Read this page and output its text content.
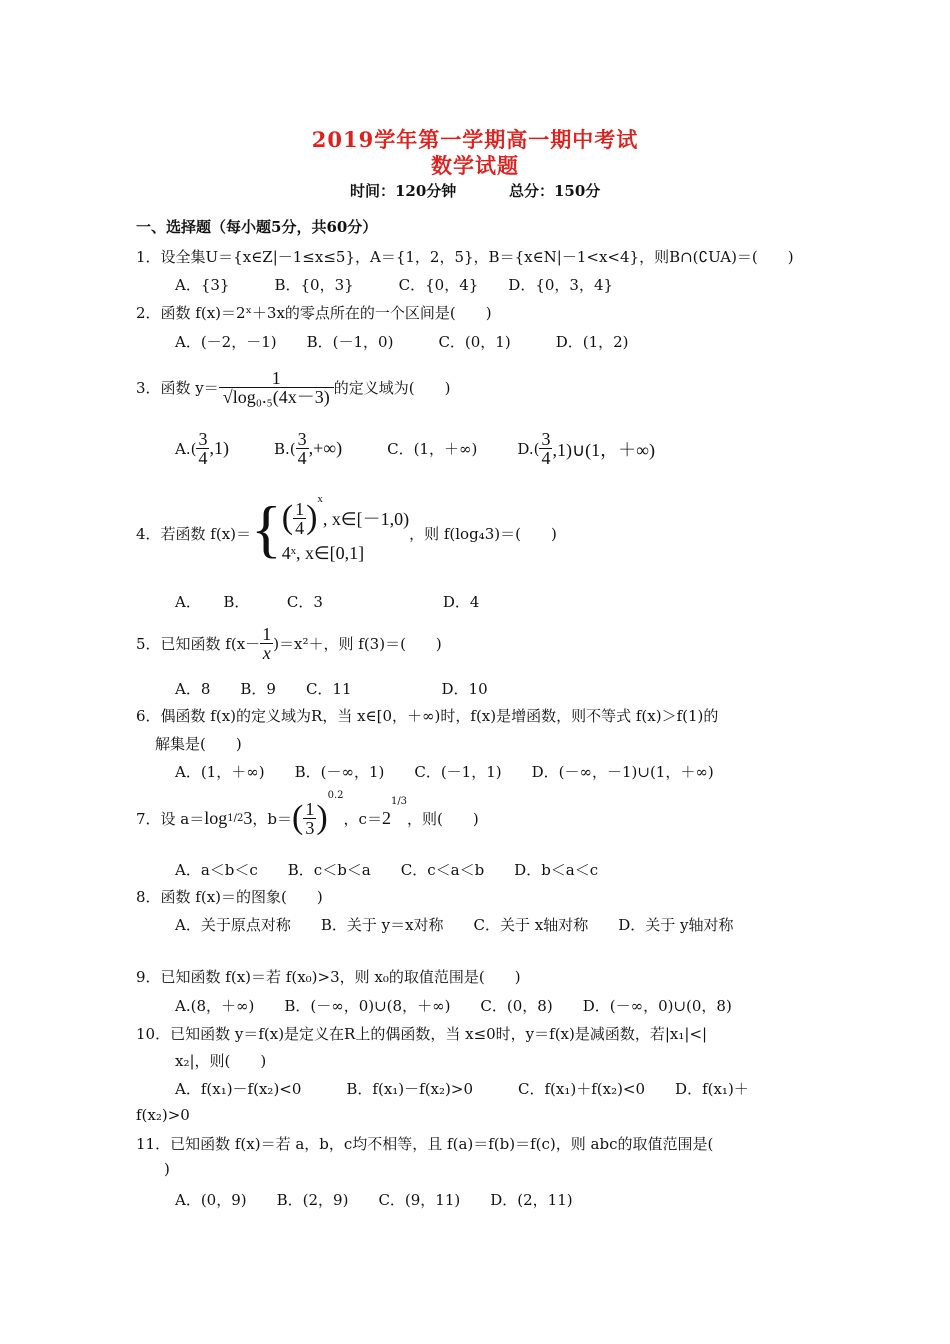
2019学年第一学期高一期中考试
数学试题
时间：120分钟	总分：150分
一、选择题（每小题5分，共60分）
1．设全集U＝{x∈Z|－1≤x≤5}，A＝{1，2，5}，B＝{x∈N|－1<x<4}，则B∩(∁UA)＝(　　)
A．{3}　　　B．{0，3}　　　C．{0，4}　　D．{0，3，4}
2．函数 f(x)＝2ˣ＋3x的零点所在的一个区间是(　　)
A．(－2，－1)　　B．(－1，0)　　　C．(0，1)　　　D．(1，2)
3．函数 $y= \frac{1}{\text{√log₀.₅(4x－3)}}$ 的定义域为(　　)
$A.( \frac{3}{4} ,1)$	$B.( \frac{3}{4}$ ,+∞)	C．(1，＋∞)	$D.( \frac{3}{4}$ ,1)∪(1，＋∞)
4．若函数 f(x)＝ { ( $\frac{1}{4} )^x$
, x∈[－1,0)
4ˣ, x∈[0,1]
，则 f(log₄3)＝(　　)
A．　　B．　　　C．3　　　　　　　　D．4
5．已知函数 $f(x- \frac{1}{x} )=x^2+$，则 f(3)＝(　　)
A．8　　B．9　　C．11　　　　　　D．10
6．偶函数 f(x)的定义域为R，当 x∈[0，＋∞)时，f(x)是增函数，则不等式 f(x)＞f(1)的
解集是(　　)
A．(1，＋∞)　　B．(－∞，1)　　C．(－1，1)　　D．(－∞，－1)∪(1，＋∞)
7．设 a＝ log 1/2 3 ，b＝ ( $\frac{1}{3}$ )
$^{0.2}$
，c＝ 2
1/3
，则(　　)
A．a＜b＜c　　B．c＜b＜a　　C．c＜a＜b　　D．b＜a＜c
8．函数 f(x)＝的图象(　　)
A．关于原点对称　　B．关于 y＝x对称　　C．关于 x轴对称　　D．关于 y轴对称
9．已知函数 f(x)＝若 f(x₀)>3，则 x₀的取值范围是(　　)
A.(8，＋∞)　　B．(－∞，0)∪(8，＋∞)　　C．(0，8)　　D．(－∞，0)∪(0，8)
10．已知函数 y＝f(x)是定义在R上的偶函数，当 x≤0时，y＝f(x)是减函数，若|x₁|<|
x₂|，则(　　)
A．f(x₁)－f(x₂)<0　　　B．f(x₁)－f(x₂)>0　　　C．f(x₁)＋f(x₂)<0　　D．f(x₁)＋
f(x₂)>0
11．已知函数 f(x)＝若 a，b，c均不相等，且 f(a)＝f(b)＝f(c)，则 abc的取值范围是(
)
A．(0，9)　　B．(2，9)　　C．(9，11)　　D．(2，11)
